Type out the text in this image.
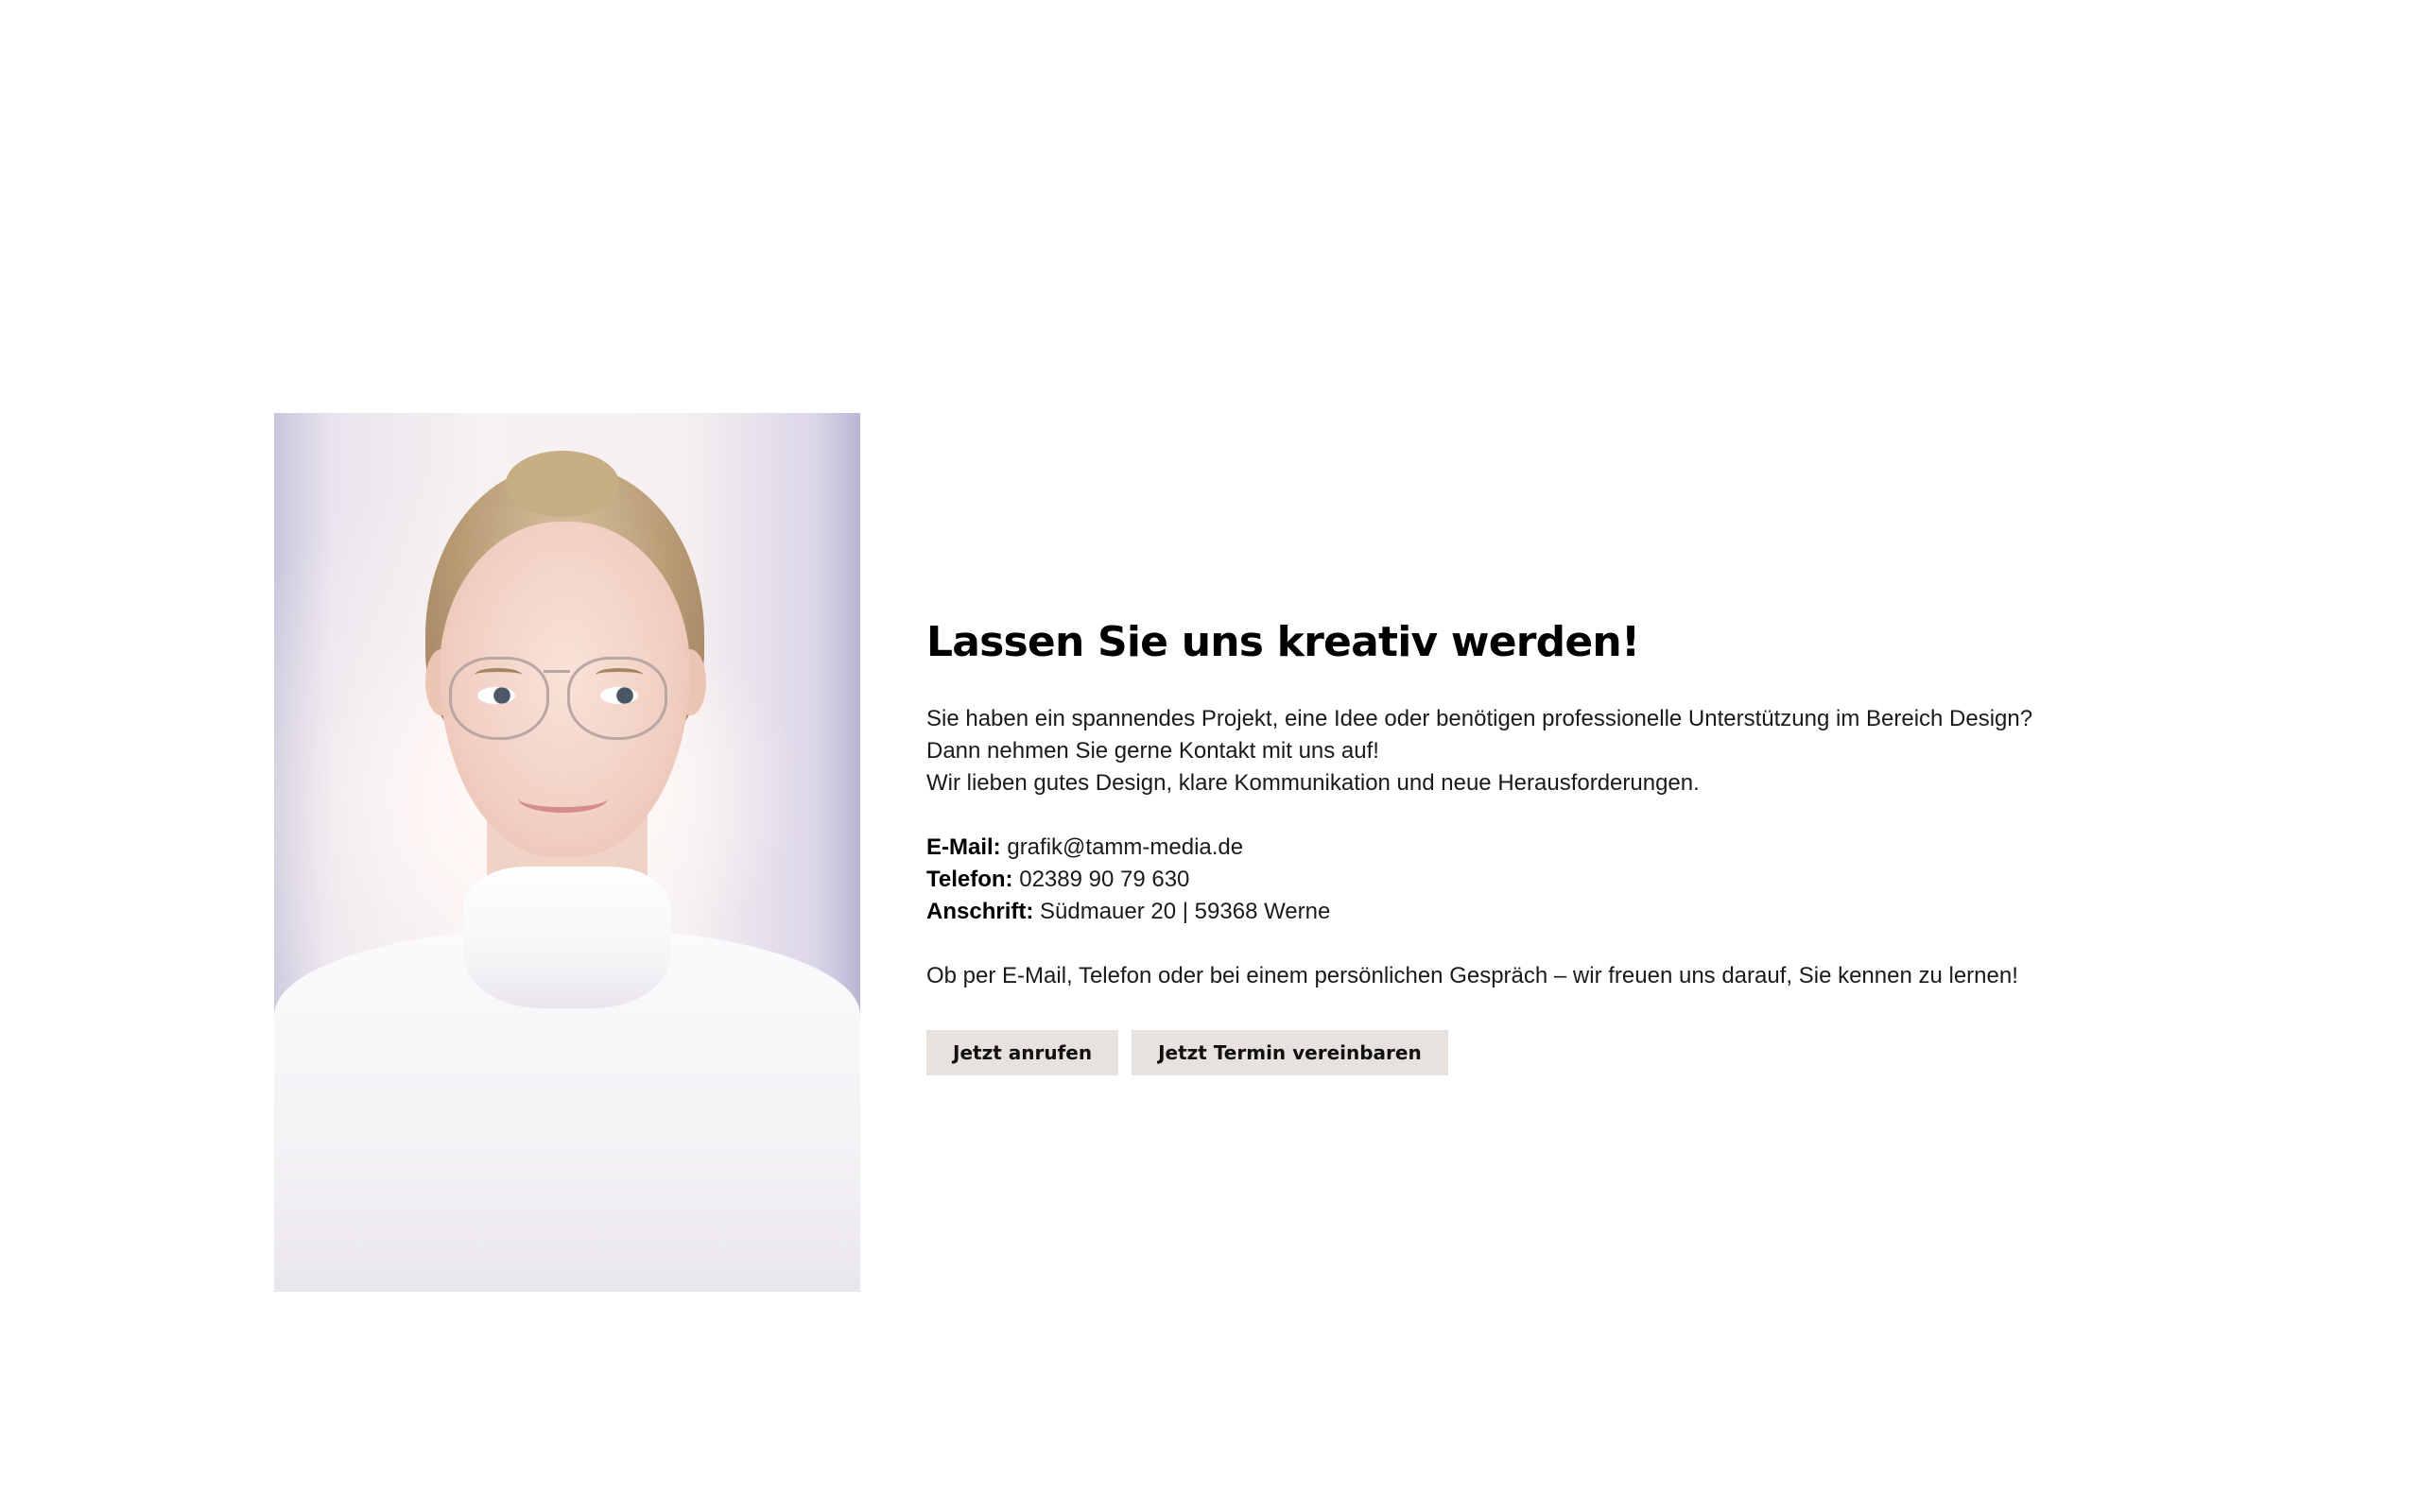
Lassen Sie uns kreativ werden!
Sie haben ein spannendes Projekt, eine Idee oder benötigen professionelle Unterstützung im Bereich Design?
Dann nehmen Sie gerne Kontakt mit uns auf!
Wir lieben gutes Design, klare Kommunikation und neue Herausforderungen.
E-Mail: grafik@tamm-media.de
Telefon: 02389 90 79 630
Anschrift: Südmauer 20 | 59368 Werne
Ob per E-Mail, Telefon oder bei einem persönlichen Gespräch – wir freuen uns darauf, Sie kennen zu lernen!
Jetzt anrufen	Jetzt Termin vereinbaren
